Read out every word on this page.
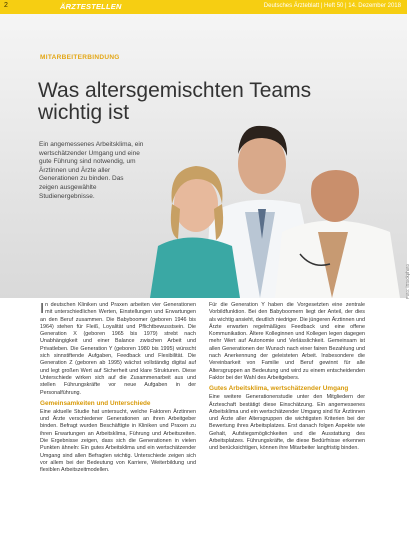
2	ÄRZTESTELLEN	Deutsches Ärzteblatt | Heft 50 | 14. Dezember 2018
MITARBEITERBINDUNG
Was altersgemischten Teams
wichtig ist

Ein angemessenes Arbeitsklima, ein wertschätzender Umgang und eine gute Führung sind notwendig, um Ärztinnen und Ärzte aller Generationen zu binden. Das zeigen ausgewählte Studienergebnisse.

Foto: iStockphoto

In deutschen Kliniken und Praxen arbeiten vier Generationen mit unterschiedlichen Werten, Einstellungen und Erwartungen an den Beruf zusammen. Die Babyboomer (geboren 1946 bis 1964) stehen für Fleiß, Loyalität und Pflichtbewusstsein. Die Generation X (geboren 1965 bis 1979) strebt nach Unabhängigkeit und einer Balance zwischen Arbeit und Privatleben. Die Generation Y (geboren 1980 bis 1995) wünscht sich sinnstiftende Aufgaben, Feedback und Flexibilität. Die Generation Z (geboren ab 1995) wächst vollständig digital auf und legt großen Wert auf Sicherheit und klare Strukturen. Diese Unterschiede wirken sich auf die Zusammenarbeit aus und stellen Führungskräfte vor neue Aufgaben in der Personalführung.

Gemeinsamkeiten und Unterschiede

Eine aktuelle Studie hat untersucht, welche Faktoren Ärztinnen und Ärzte verschiedener Generationen an ihren Arbeitgeber binden. Befragt wurden Beschäftigte in Kliniken und Praxen zu ihren Erwartungen an Arbeitsklima, Führung und Arbeitszeiten. Die Ergebnisse zeigen, dass sich die Generationen in vielen Punkten ähneln: Ein gutes Arbeitsklima und ein wertschätzender Umgang sind allen Befragten wichtig. Unterschiede zeigen sich vor allem bei der Bedeutung von Karriere, Weiterbildung und flexiblen Arbeitszeitmodellen.

Für die Generation Y haben die Vorgesetzten eine zentrale Vorbildfunktion. Bei den Babyboomern liegt der Anteil, der dies als wichtig ansieht, deutlich niedriger. Die jüngeren Ärztinnen und Ärzte erwarten regelmäßiges Feedback und eine offene Kommunikation. Ältere Kolleginnen und Kollegen legen dagegen mehr Wert auf Autonomie und Verlässlichkeit. Gemeinsam ist allen Generationen der Wunsch nach einer fairen Bezahlung und nach Anerkennung der geleisteten Arbeit. Insbesondere die Vereinbarkeit von Familie und Beruf gewinnt für alle Altersgruppen an Bedeutung und wird zu einem entscheidenden Faktor bei der Wahl des Arbeitgebers.

Gutes Arbeitsklima, wertschätzender Umgang

Eine weitere Generationenstudie unter den Mitgliedern der Ärzteschaft bestätigt diese Einschätzung. Ein angemessenes Arbeitsklima und ein wertschätzender Umgang sind für Ärztinnen und Ärzte aller Altersgruppen die wichtigsten Kriterien bei der Bewertung ihres Arbeitsplatzes. Erst danach folgen Aspekte wie Gehalt, Aufstiegsmöglichkeiten und die Ausstattung des Arbeitsplatzes. Führungskräfte, die diese Bedürfnisse erkennen und berücksichtigen, können ihre Mitarbeiter langfristig binden.
